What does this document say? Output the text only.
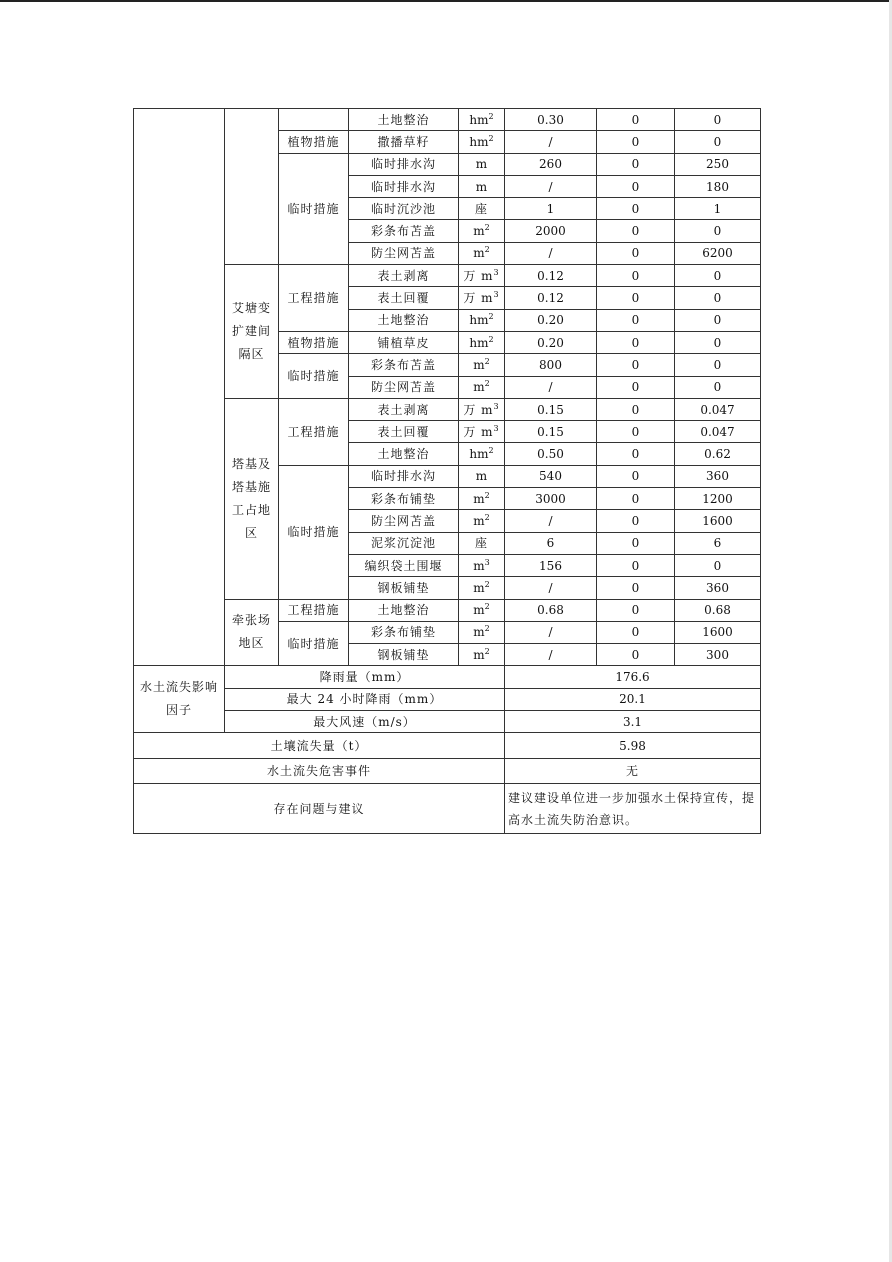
			土地整治	$hm^2$	0.30	0	0
		植物措施	撒播草籽	$hm^2$	/	0	0
		临时措施	临时排水沟	m	260	0	250
			临时排水沟	m	/	0	180
			临时沉沙池	座	1	0	1
			彩条布苫盖	$m^2$	2000	0	0
			防尘网苫盖	$m^2$	/	0	6200
	艾塘变扩建间隔区	工程措施	表土剥离	万 $m^3$	0.12	0	0
			表土回覆	万 $m^3$	0.12	0	0
			土地整治	$hm^2$	0.20	0	0
		植物措施	铺植草皮	$hm^2$	0.20	0	0
		临时措施	彩条布苫盖	$m^2$	800	0	0
			防尘网苫盖	$m^2$	/	0	0
	塔基及塔基施工占地区	工程措施	表土剥离	万 $m^3$	0.15	0	0.047
			表土回覆	万 $m^3$	0.15	0	0.047
			土地整治	$hm^2$	0.50	0	0.62
		临时措施	临时排水沟	m	540	0	360
			彩条布铺垫	$m^2$	3000	0	1200
			防尘网苫盖	$m^2$	/	0	1600
			泥浆沉淀池	座	6	0	6
			编织袋土围堰	$m^3$	156	0	0
			钢板铺垫	$m^2$	/	0	360
	牵张场地区	工程措施	土地整治	$m^2$	0.68	0	0.68
		临时措施	彩条布铺垫	$m^2$	/	0	1600
			钢板铺垫	$m^2$	/	0	300
水土流失影响因子	降雨量（mm）				176.6		
	最大 24 小时降雨（mm）				20.1		
	最大风速（m/s）				3.1		
土壤流失量（t）					5.98		
水土流失危害事件					无		
存在问题与建议					建议建设单位进一步加强水土保持宣传，提高水土流失防治意识。		
